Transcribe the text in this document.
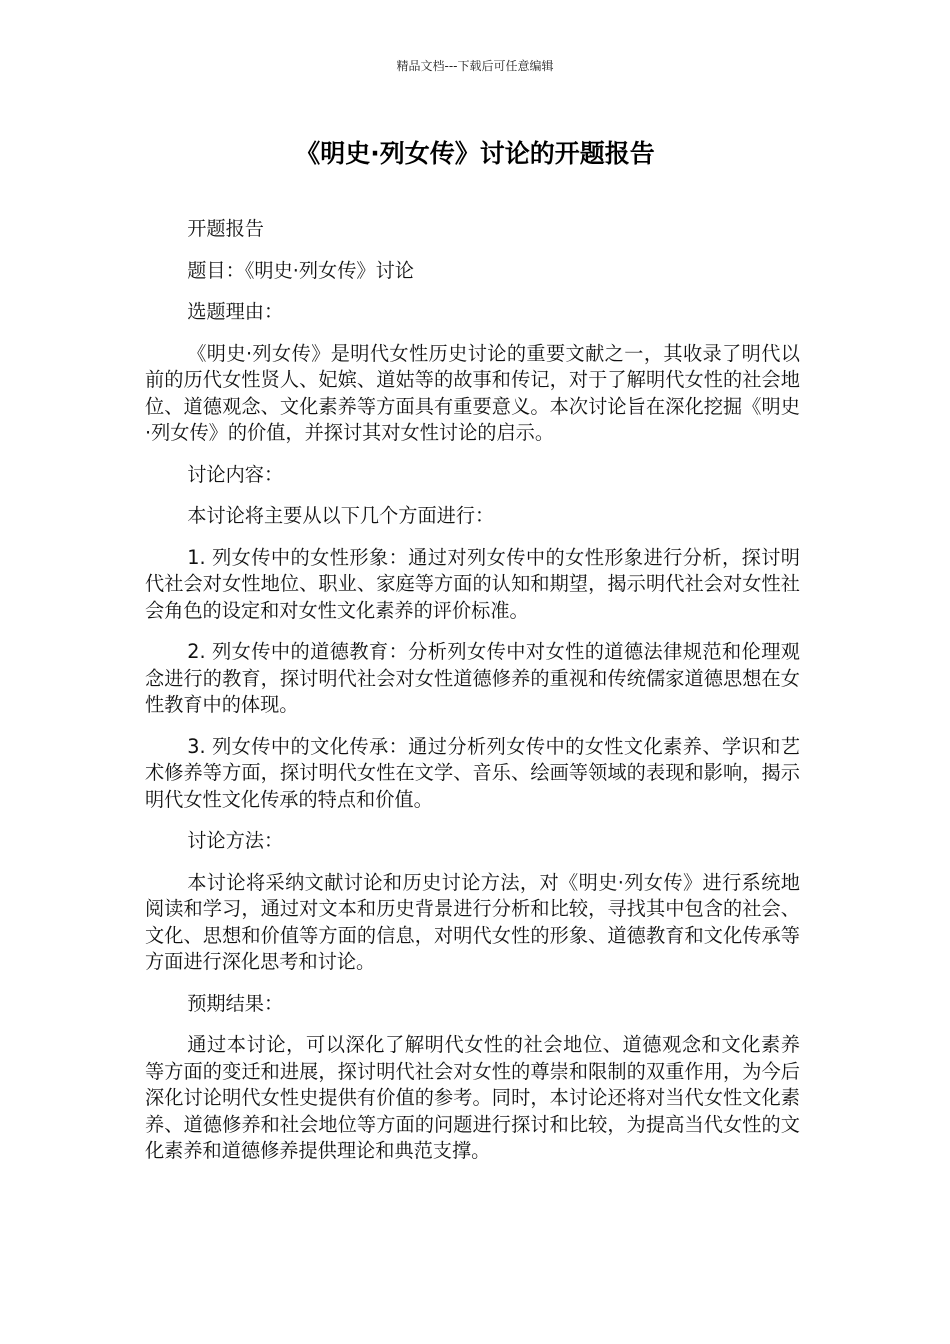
精品文档---下载后可任意编辑
《明史·列女传》讨论的开题报告

开题报告

题目：《明史·列女传》讨论

选题理由：

《明史·列女传》是明代女性历史讨论的重要文献之一，其收录了明代以前的历代女性贤人、妃嫔、道姑等的故事和传记，对于了解明代女性的社会地位、道德观念、文化素养等方面具有重要意义。本次讨论旨在深化挖掘《明史·列女传》的价值，并探讨其对女性讨论的启示。

讨论内容：

本讨论将主要从以下几个方面进行：

1. 列女传中的女性形象：通过对列女传中的女性形象进行分析，探讨明代社会对女性地位、职业、家庭等方面的认知和期望，揭示明代社会对女性社会角色的设定和对女性文化素养的评价标准。

2. 列女传中的道德教育：分析列女传中对女性的道德法律规范和伦理观念进行的教育，探讨明代社会对女性道德修养的重视和传统儒家道德思想在女性教育中的体现。

3. 列女传中的文化传承：通过分析列女传中的女性文化素养、学识和艺术修养等方面，探讨明代女性在文学、音乐、绘画等领域的表现和影响，揭示明代女性文化传承的特点和价值。

讨论方法：

本讨论将采纳文献讨论和历史讨论方法，对《明史·列女传》进行系统地阅读和学习，通过对文本和历史背景进行分析和比较，寻找其中包含的社会、文化、思想和价值等方面的信息，对明代女性的形象、道德教育和文化传承等方面进行深化思考和讨论。

预期结果：

通过本讨论，可以深化了解明代女性的社会地位、道德观念和文化素养等方面的变迁和进展，探讨明代社会对女性的尊崇和限制的双重作用，为今后深化讨论明代女性史提供有价值的参考。同时，本讨论还将对当代女性文化素养、道德修养和社会地位等方面的问题进行探讨和比较，为提高当代女性的文化素养和道德修养提供理论和典范支撑。
